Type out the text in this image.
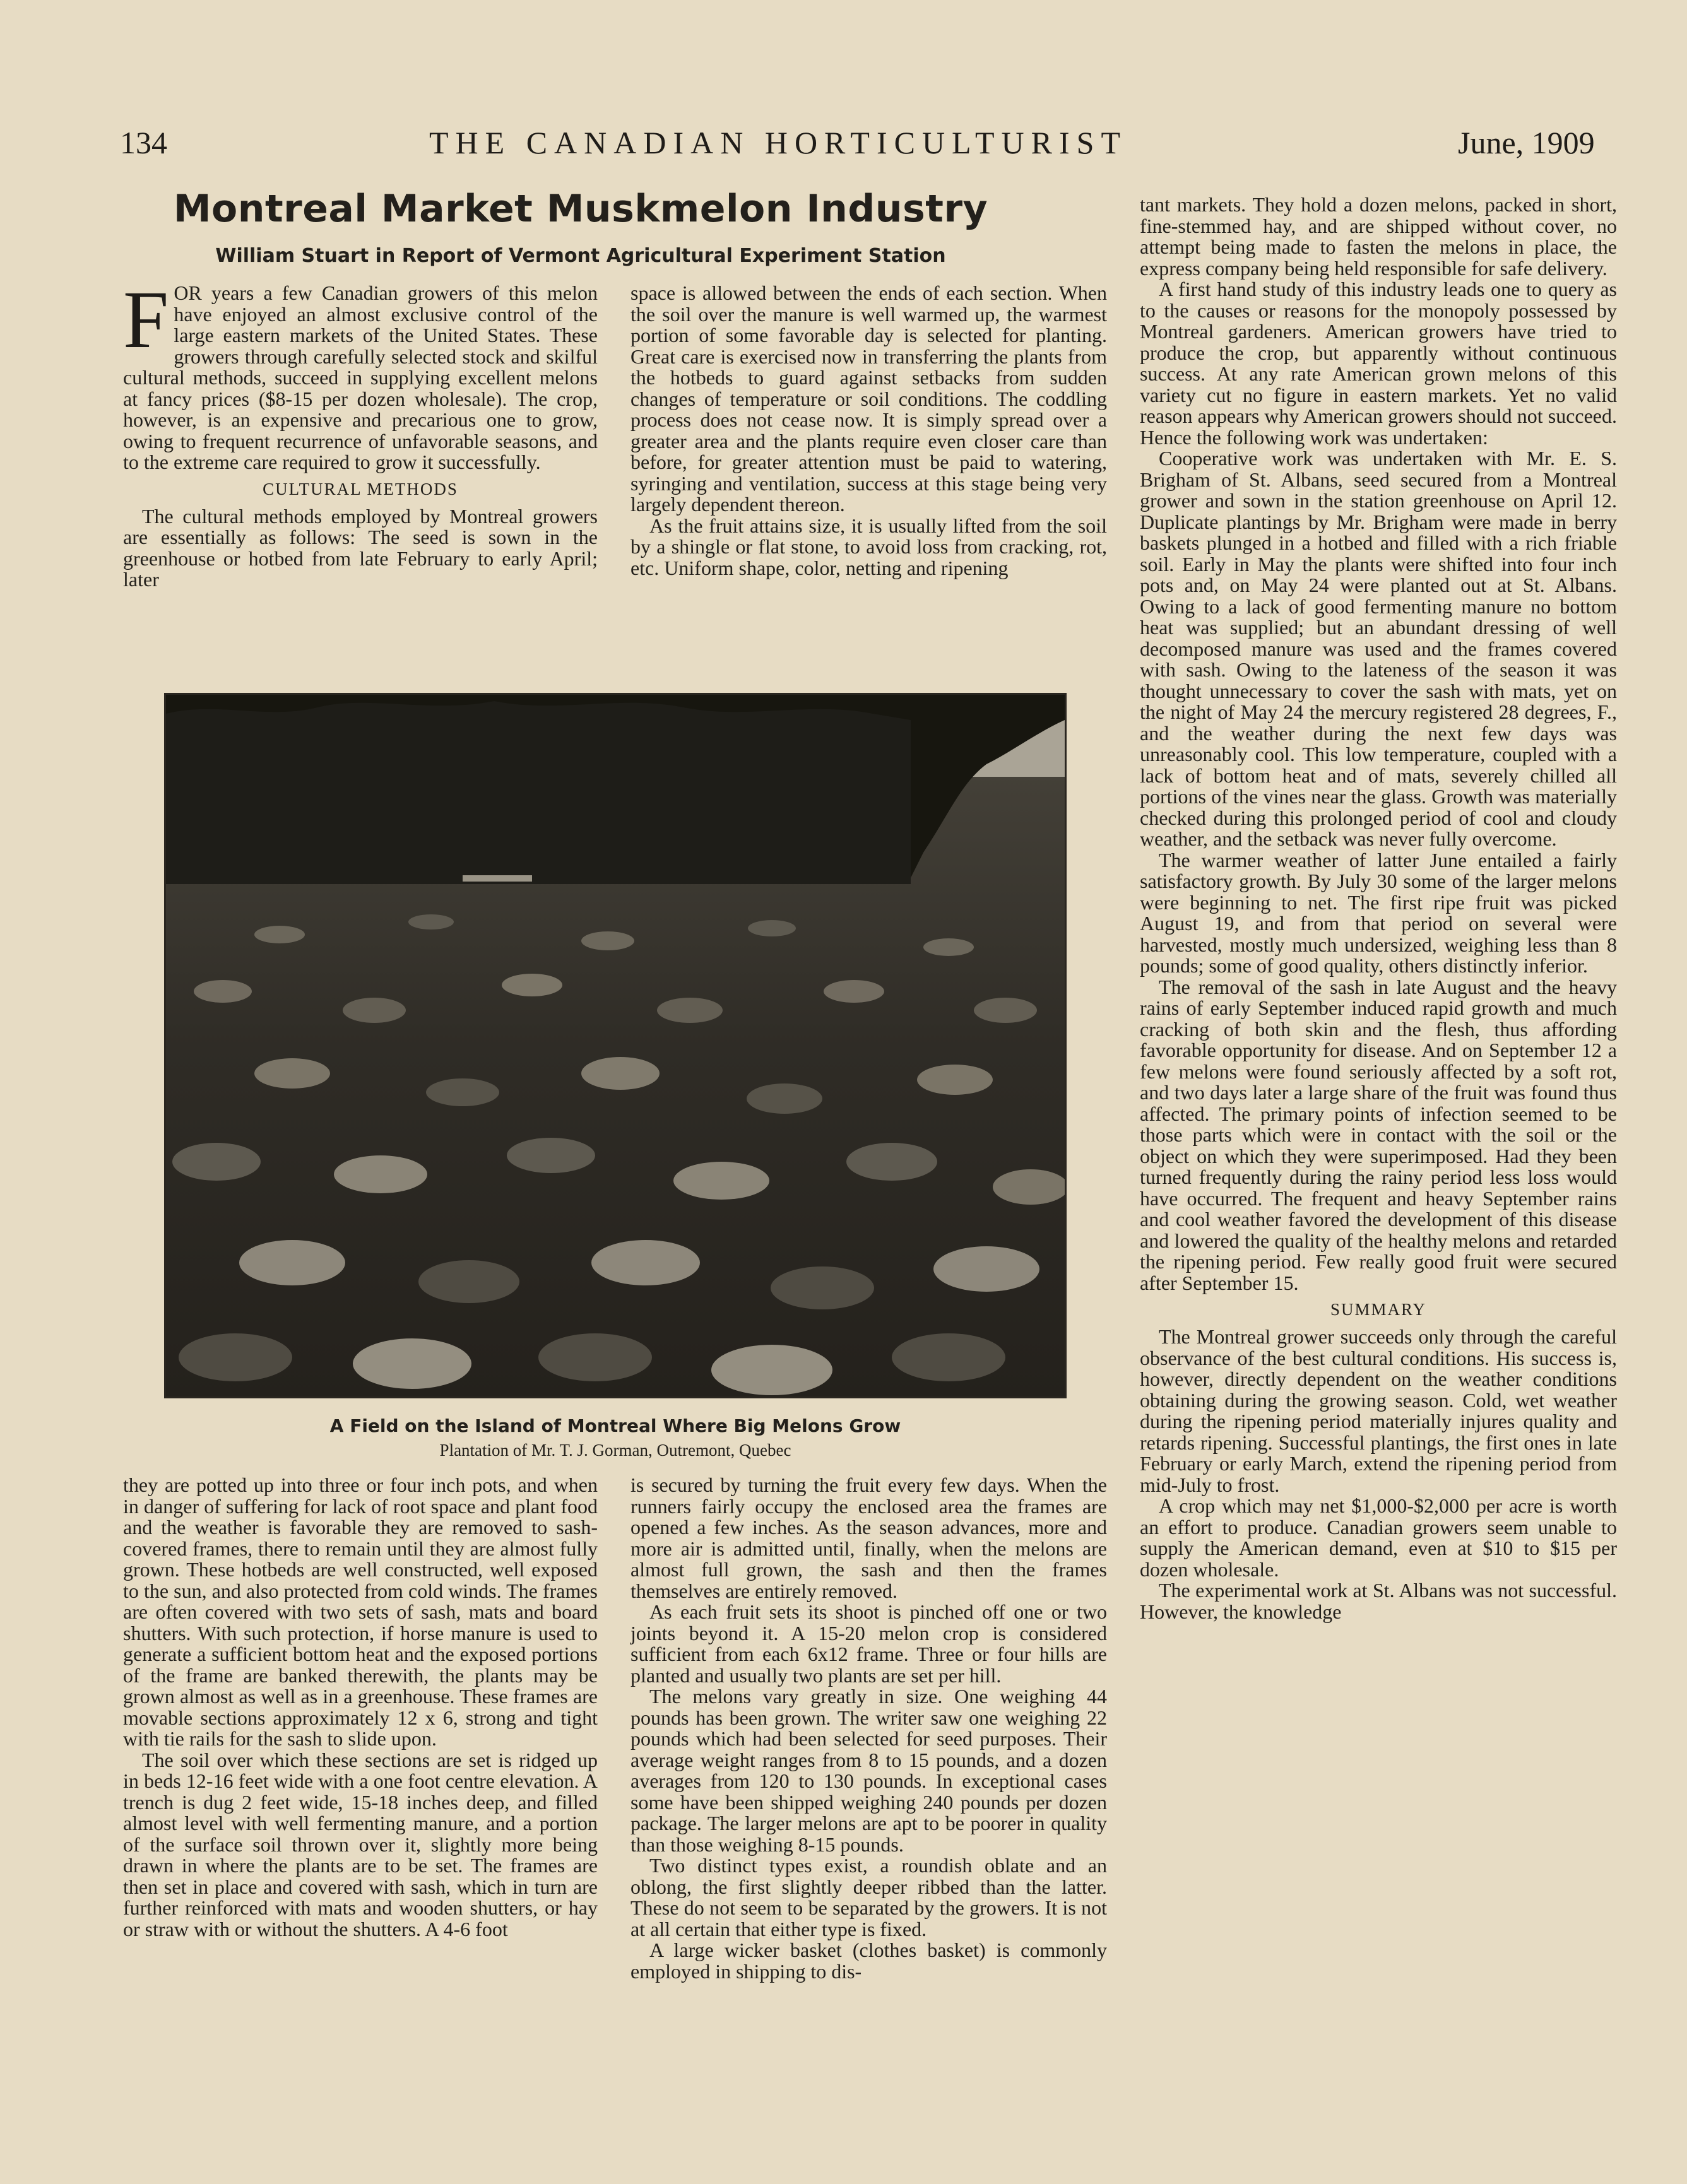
134	THE CANADIAN HORTICULTURIST	June, 1909
Montreal Market Muskmelon Industry
William Stuart in Report of Vermont Agricultural Experiment Station

FOR years a few Canadian growers of this melon have enjoyed an almost exclusive control of the large eastern markets of the United States. These growers through carefully selected stock and skilful cultural methods, succeed in supplying excellent melons at fancy prices ($8-15 per dozen wholesale). The crop, however, is an expensive and precarious one to grow, owing to frequent recurrence of unfavorable seasons, and to the extreme care required to grow it successfully.

CULTURAL METHODS

The cultural methods employed by Montreal growers are essentially as follows: The seed is sown in the greenhouse or hotbed from late February to early April; later

space is allowed between the ends of each section. When the soil over the manure is well warmed up, the warmest portion of some favorable day is selected for planting. Great care is exercised now in transferring the plants from the hotbeds to guard against setbacks from sudden changes of temperature or soil conditions. The coddling process does not cease now. It is simply spread over a greater area and the plants require even closer care than before, for greater attention must be paid to watering, syringing and ventilation, success at this stage being very largely dependent thereon.

As the fruit attains size, it is usually lifted from the soil by a shingle or flat stone, to avoid loss from cracking, rot, etc. Uniform shape, color, netting and ripening

tant markets. They hold a dozen melons, packed in short, fine-stemmed hay, and are shipped without cover, no attempt being made to fasten the melons in place, the express company being held responsible for safe delivery.

A first hand study of this industry leads one to query as to the causes or reasons for the monopoly possessed by Montreal gardeners. American growers have tried to produce the crop, but apparently without continuous success. At any rate American grown melons of this variety cut no figure in eastern markets. Yet no valid reason appears why American growers should not succeed. Hence the following work was undertaken:

Cooperative work was undertaken with Mr. E. S. Brigham of St. Albans, seed secured from a Montreal grower and sown in the station greenhouse on April 12. Duplicate plantings by Mr. Brigham were made in berry baskets plunged in a hotbed and filled with a rich friable soil. Early in May the plants were shifted into four inch pots and, on May 24 were planted out at St. Albans. Owing to a lack of good fermenting manure no bottom heat was supplied; but an abundant dressing of well decomposed manure was used and the frames covered with sash. Owing to the lateness of the season it was thought unnecessary to cover the sash with mats, yet on the night of May 24 the mercury registered 28 degrees, F., and the weather during the next few days was unreasonably cool. This low temperature, coupled with a lack of bottom heat and of mats, severely chilled all portions of the vines near the glass. Growth was materially checked during this prolonged period of cool and cloudy weather, and the setback was never fully overcome.

The warmer weather of latter June entailed a fairly satisfactory growth. By July 30 some of the larger melons were beginning to net. The first ripe fruit was picked August 19, and from that period on several were harvested, mostly much undersized, weighing less than 8 pounds; some of good quality, others distinctly inferior.

The removal of the sash in late August and the heavy rains of early September induced rapid growth and much cracking of both skin and the flesh, thus affording favorable opportunity for disease. And on September 12 a few melons were found seriously affected by a soft rot, and two days later a large share of the fruit was found thus affected. The primary points of infection seemed to be those parts which were in contact with the soil or the object on which they were superimposed. Had they been turned frequently during the rainy period less loss would have occurred. The frequent and heavy September rains and cool weather favored the development of this disease and lowered the quality of the healthy melons and retarded the ripening period. Few really good fruit were secured after September 15.

SUMMARY

The Montreal grower succeeds only through the careful observance of the best cultural conditions. His success is, however, directly dependent on the weather conditions obtaining during the growing season. Cold, wet weather during the ripening period materially injures quality and retards ripening. Successful plantings, the first ones in late February or early March, extend the ripening period from mid-July to frost.

A crop which may net $1,000-$2,000 per acre is worth an effort to produce. Canadian growers seem unable to supply the American demand, even at $10 to $15 per dozen wholesale.

The experimental work at St. Albans was not successful. However, the knowledge

A Field on the Island of Montreal Where Big Melons Grow
Plantation of Mr. T. J. Gorman, Outremont, Quebec

they are potted up into three or four inch pots, and when in danger of suffering for lack of root space and plant food and the weather is favorable they are removed to sash-covered frames, there to remain until they are almost fully grown. These hotbeds are well constructed, well exposed to the sun, and also protected from cold winds. The frames are often covered with two sets of sash, mats and board shutters. With such protection, if horse manure is used to generate a sufficient bottom heat and the exposed portions of the frame are banked therewith, the plants may be grown almost as well as in a greenhouse. These frames are movable sections approximately 12 x 6, strong and tight with tie rails for the sash to slide upon.

The soil over which these sections are set is ridged up in beds 12-16 feet wide with a one foot centre elevation. A trench is dug 2 feet wide, 15-18 inches deep, and filled almost level with well fermenting manure, and a portion of the surface soil thrown over it, slightly more being drawn in where the plants are to be set. The frames are then set in place and covered with sash, which in turn are further reinforced with mats and wooden shutters, or hay or straw with or without the shutters. A 4-6 foot

is secured by turning the fruit every few days. When the runners fairly occupy the enclosed area the frames are opened a few inches. As the season advances, more and more air is admitted until, finally, when the melons are almost full grown, the sash and then the frames themselves are entirely removed.

As each fruit sets its shoot is pinched off one or two joints beyond it. A 15-20 melon crop is considered sufficient from each 6x12 frame. Three or four hills are planted and usually two plants are set per hill.

The melons vary greatly in size. One weighing 44 pounds has been grown. The writer saw one weighing 22 pounds which had been selected for seed purposes. Their average weight ranges from 8 to 15 pounds, and a dozen averages from 120 to 130 pounds. In exceptional cases some have been shipped weighing 240 pounds per dozen package. The larger melons are apt to be poorer in quality than those weighing 8-15 pounds.

Two distinct types exist, a roundish oblate and an oblong, the first slightly deeper ribbed than the latter. These do not seem to be separated by the growers. It is not at all certain that either type is fixed.

A large wicker basket (clothes basket) is commonly employed in shipping to dis-
